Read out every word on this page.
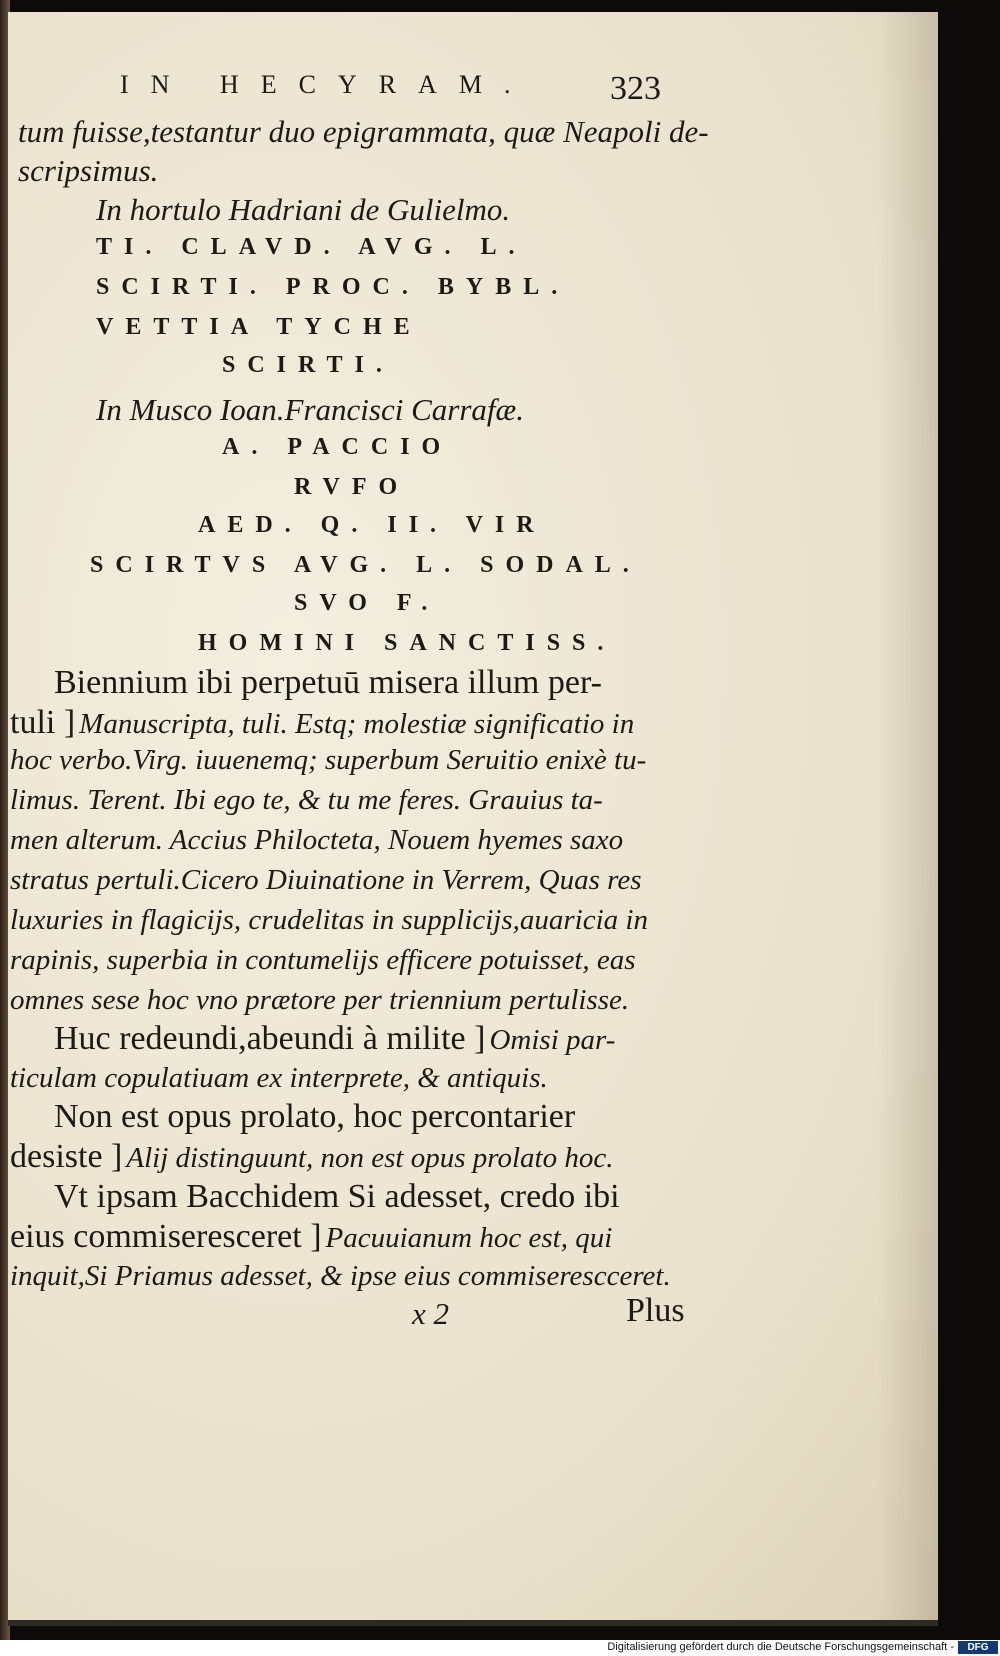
IN HECYRAM. 323
tum fuisse,testantur duo epigrammata, quæ Neapoli de-
scripsimus.
In hortulo Hadriani de Gulielmo.
TI. CLAVD. AVG. L.
SCIRTI. PROC. BYBL.
VETTIA TYCHE
SCIRTI.
In Musco Ioan.Francisci Carrafæ.
A. PACCIO
RVFO
AED. Q. II. VIR
SCIRTVS AVG. L. SODAL.
SVO F.
HOMINI SANCTISS.
Biennium ibi perpetuū misera illum per-
tuli ] Manuscripta, tuli. Estq; molestiæ significatio in
hoc verbo.Virg. iuuenemq; superbum Seruitio enixè tu-
limus. Terent. Ibi ego te, & tu me feres. Grauius ta-
men alterum. Accius Philocteta, Nouem hyemes saxo
stratus pertuli.Cicero Diuinatione in Verrem, Quas res
luxuries in flagicijs, crudelitas in supplicijs,auaricia in
rapinis, superbia in contumelijs efficere potuisset, eas
omnes sese hoc vno prætore per triennium pertulisse.
Huc redeundi,abeundi à milite ] Omisi par-
ticulam copulatiuam ex interprete, & antiquis.
Non est opus prolato, hoc percontarier
desiste ] Alij distinguunt, non est opus prolato hoc.
Vt ipsam Bacchidem Si adesset, credo ibi
eius commiseresceret ] Pacuuianum hoc est, qui
inquit,Si Priamus adesset, & ipse eius commiserescceret.
x 2	Plus
Digitalisierung gefördert durch die Deutsche Forschungsgemeinschaft -	DFG
